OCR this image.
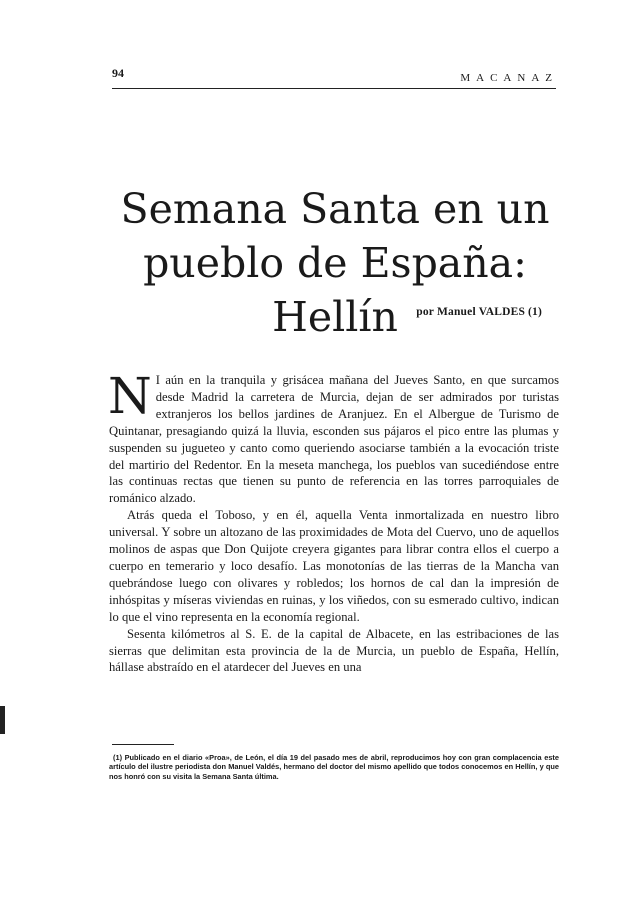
94	MACANAZ
Semana Santa en un
pueblo de España: Hellín	por Manuel VALDES (1)

N I aún en la tranquila y grisácea mañana del Jueves Santo, en que surcamos desde Madrid la carretera de Murcia, dejan de ser admirados por turistas extranjeros los bellos jardines de Aranjuez. En el Albergue de Turismo de Quintanar, presagiando quizá la lluvia, esconden sus pájaros el pico entre las plumas y suspenden su jugueteo y canto como queriendo asociarse también a la evocación triste del martirio del Redentor. En la meseta manchega, los pueblos van sucediéndose entre las continuas rectas que tienen su punto de referencia en las torres parroquiales de románico alzado.

Atrás queda el Toboso, y en él, aquella Venta inmortalizada en nuestro libro universal. Y sobre un altozano de las proximidades de Mota del Cuervo, uno de aquellos molinos de aspas que Don Quijote creyera gigantes para librar contra ellos el cuerpo a cuerpo en temerario y loco desafío. Las monotonías de las tierras de la Mancha van quebrándose luego con olivares y robledos; los hornos de cal dan la impresión de inhóspitas y míseras viviendas en ruinas, y los viñedos, con su esmerado cultivo, indican lo que el vino representa en la economía regional.

Sesenta kilómetros al S. E. de la capital de Albacete, en las estribaciones de las sierras que delimitan esta provincia de la de Murcia, un pueblo de España, Hellín, hállase abstraído en el atardecer del Jueves en una

(1) Publicado en el diario «Proa», de León, el día 19 del pasado mes de abril, reproducimos hoy con gran complacencia este artículo del ilustre periodista don Manuel Valdés, hermano del doctor del mismo apellido que todos conocemos en Hellín, y que nos honró con su visita la Semana Santa última.
